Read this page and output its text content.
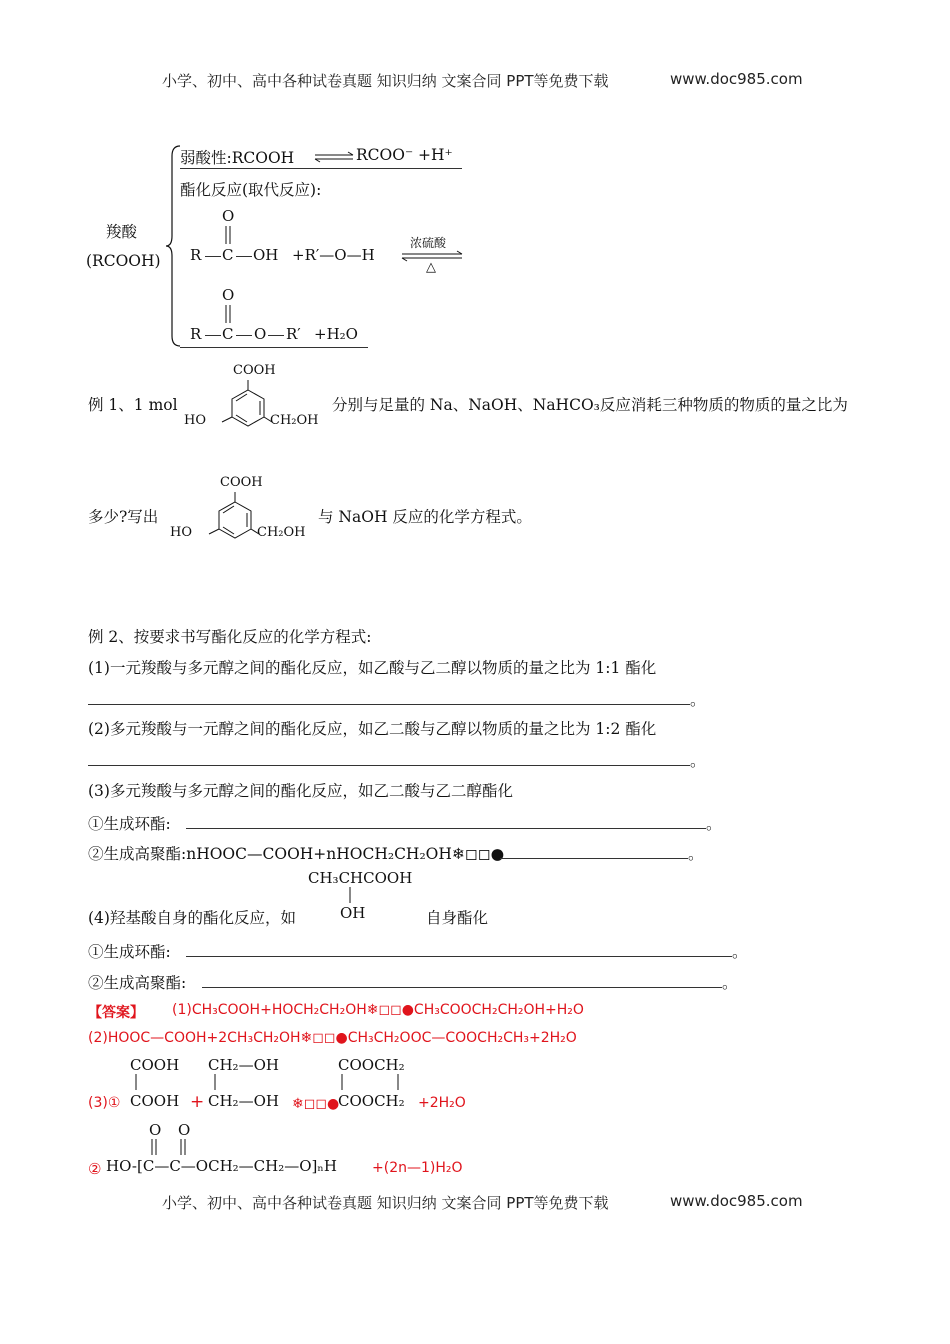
小学、初中、高中各种试卷真题 知识归纳 文案合同 PPT等免费下载	www.doc985.com
小学、初中、高中各种试卷真题 知识归纳 文案合同 PPT等免费下载	www.doc985.com
羧酸
(RCOOH)
弱酸性:RCOOH ⇌ RCOO⁻ +H⁺
酯化反应(取代反应):
O
R C OH +R′—O—H
浓硫酸
△
O
R C O R′ +H₂O
例 1、1 mol
COOH
HO	CH₂OH
分别与足量的 Na、NaOH、NaHCO₃反应消耗三种物质的物质的量之比为
多少?写出
COOH
HO	CH₂OH
与 NaOH 反应的化学方程式。
例 2、按要求书写酯化反应的化学方程式:
(1)一元羧酸与多元醇之间的酯化反应，如乙酸与乙二醇以物质的量之比为 1:1 酯化
。
(2)多元羧酸与一元醇之间的酯化反应，如乙二酸与乙醇以物质的量之比为 1:2 酯化
。
(3)多元羧酸与多元醇之间的酯化反应，如乙二酸与乙二醇酯化
①生成环酯:	。
②生成高聚酯:nHOOC—COOH+nHOCH₂CH₂OH❄◻◻●	。
(4)羟基酸自身的酯化反应，如
CH₃CHCOOH
OH	自身酯化
①生成环酯:	。
②生成高聚酯:	。
【答案】 (1)CH₃COOH+HOCH₂CH₂OH❄◻◻●CH₃COOCH₂CH₂OH+H₂O
(2)HOOC—COOH+2CH₃CH₂OH❄◻◻●CH₃CH₂OOC—COOCH₂CH₃+2H₂O
(3)①
COOH
COOH +
CH₂—OH
CH₂—OH ❄◻◻●
COOCH₂
COOCH₂ +2H₂O
O O
② HO-[C—C—OCH₂—CH₂—O]ₙH	+(2n—1)H₂O
